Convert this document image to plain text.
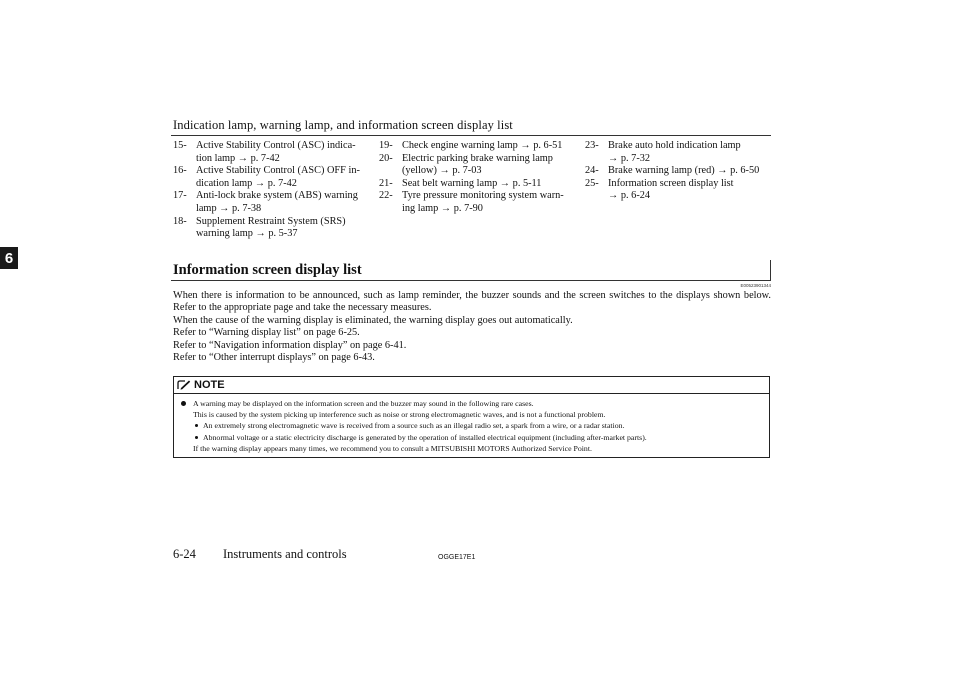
Indication lamp, warning lamp, and information screen display list
6
15- Active Stability Control (ASC) indica-
tion lamp → p. 7-42
16- Active Stability Control (ASC) OFF in-
dication lamp → p. 7-42
17- Anti-lock brake system (ABS) warning
lamp → p. 7-38
18- Supplement Restraint System (SRS)
warning lamp → p. 5-37
19- Check engine warning lamp → p. 6-51
20- Electric parking brake warning lamp
(yellow) → p. 7-03
21- Seat belt warning lamp → p. 5-11
22- Tyre pressure monitoring system warn-
ing lamp → p. 7-90
23- Brake auto hold indication lamp
→ p. 7-32
24- Brake warning lamp (red) → p. 6-50
25- Information screen display list
→ p. 6-24
Information screen display list
E00523901344

When there is information to be announced, such as lamp reminder, the buzzer sounds and the screen switches to the displays shown below.

Refer to the appropriate page and take the necessary measures.

When the cause of the warning display is eliminated, the warning display goes out automatically.

Refer to “Warning display list” on page 6-25.

Refer to “Navigation information display” on page 6-41.

Refer to “Other interrupt displays” on page 6-43.

NOTE

A warning may be displayed on the information screen and the buzzer may sound in the following rare cases.

This is caused by the system picking up interference such as noise or strong electromagnetic waves, and is not a functional problem.

An extremely strong electromagnetic wave is received from a source such as an illegal radio set, a spark from a wire, or a radar station.
Abnormal voltage or a static electricity discharge is generated by the operation of installed electrical equipment (including after-market parts).

If the warning display appears many times, we recommend you to consult a MITSUBISHI MOTORS Authorized Service Point.

6-24 Instruments and controls	OGGE17E1
